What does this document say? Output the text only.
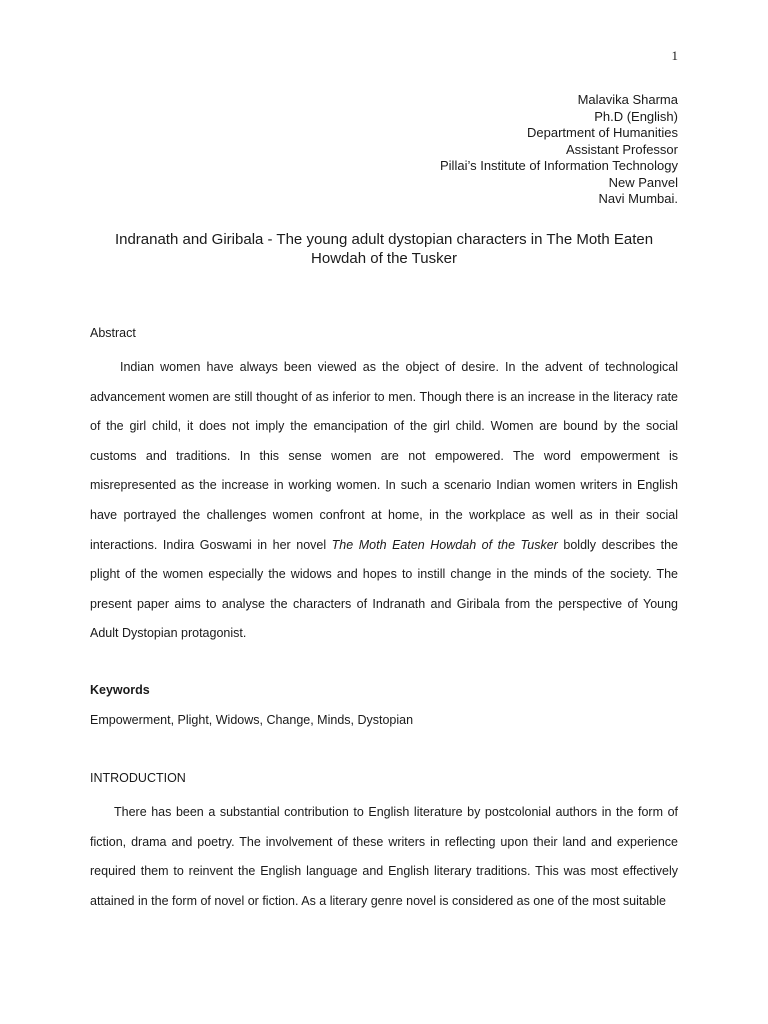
1
Malavika Sharma
Ph.D (English)
Department of Humanities
Assistant Professor
Pillai’s Institute of Information Technology
New Panvel
Navi Mumbai.
Indranath and Giribala - The young adult dystopian characters in The Moth Eaten Howdah of the Tusker
Abstract
Indian women have always been viewed as the object of desire. In the advent of technological advancement women are still thought of as inferior to men. Though there is an increase in the literacy rate of the girl child, it does not imply the emancipation of the girl child. Women are bound by the social customs and traditions. In this sense women are not empowered. The word empowerment is misrepresented as the increase in working women. In such a scenario Indian women writers in English have portrayed the challenges women confront at home, in the workplace as well as in their social interactions. Indira Goswami in her novel The Moth Eaten Howdah of the Tusker boldly describes the plight of the women especially the widows and hopes to instill change in the minds of the society. The present paper aims to analyse the characters of Indranath and Giribala from the perspective of Young Adult Dystopian protagonist.
Keywords
Empowerment, Plight, Widows, Change, Minds, Dystopian
INTRODUCTION
There has been a substantial contribution to English literature by postcolonial authors in the form of fiction, drama and poetry. The involvement of these writers in reflecting upon their land and experience required them to reinvent the English language and English literary traditions. This was most effectively attained in the form of novel or fiction. As a literary genre novel is considered as one of the most suitable
